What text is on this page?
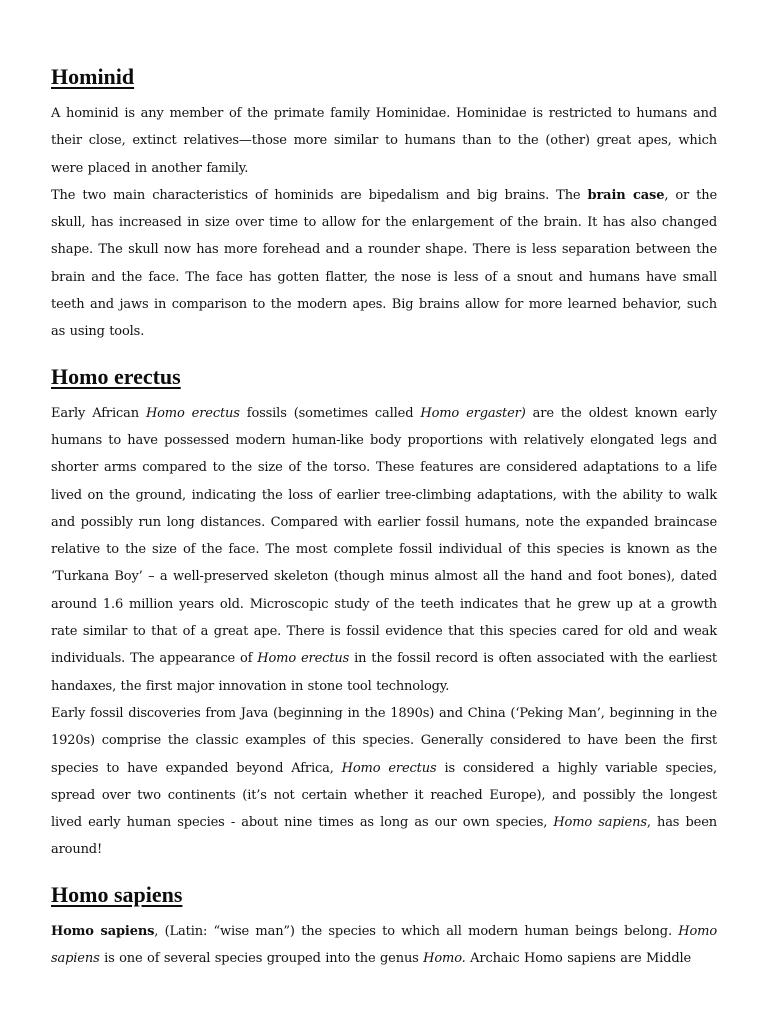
Hominid

A hominid is any member of the primate family Hominidae. Hominidae is restricted to humans and their close, extinct relatives—those more similar to humans than to the (other) great apes, which were placed in another family.

The two main characteristics of hominids are bipedalism and big brains. The brain case, or the skull, has increased in size over time to allow for the enlargement of the brain. It has also changed shape. The skull now has more forehead and a rounder shape. There is less separation between the brain and the face. The face has gotten flatter, the nose is less of a snout and humans have small teeth and jaws in comparison to the modern apes. Big brains allow for more learned behavior, such as using tools.

Homo erectus

Early African Homo erectus fossils (sometimes called Homo ergaster) are the oldest known early humans to have possessed modern human-like body proportions with relatively elongated legs and shorter arms compared to the size of the torso. These features are considered adaptations to a life lived on the ground, indicating the loss of earlier tree-climbing adaptations, with the ability to walk and possibly run long distances. Compared with earlier fossil humans, note the expanded braincase relative to the size of the face. The most complete fossil individual of this species is known as the ‘Turkana Boy’ – a well-preserved skeleton (though minus almost all the hand and foot bones), dated around 1.6 million years old. Microscopic study of the teeth indicates that he grew up at a growth rate similar to that of a great ape. There is fossil evidence that this species cared for old and weak individuals. The appearance of Homo erectus in the fossil record is often associated with the earliest handaxes, the first major innovation in stone tool technology.

Early fossil discoveries from Java (beginning in the 1890s) and China (‘Peking Man’, beginning in the 1920s) comprise the classic examples of this species. Generally considered to have been the first species to have expanded beyond Africa, Homo erectus is considered a highly variable species, spread over two continents (it’s not certain whether it reached Europe), and possibly the longest lived early human species - about nine times as long as our own species, Homo sapiens, has been around!

Homo sapiens

Homo sapiens, (Latin: “wise man”) the species to which all modern human beings belong. Homo sapiens is one of several species grouped into the genus Homo. Archaic Homo sapiens are Middle
